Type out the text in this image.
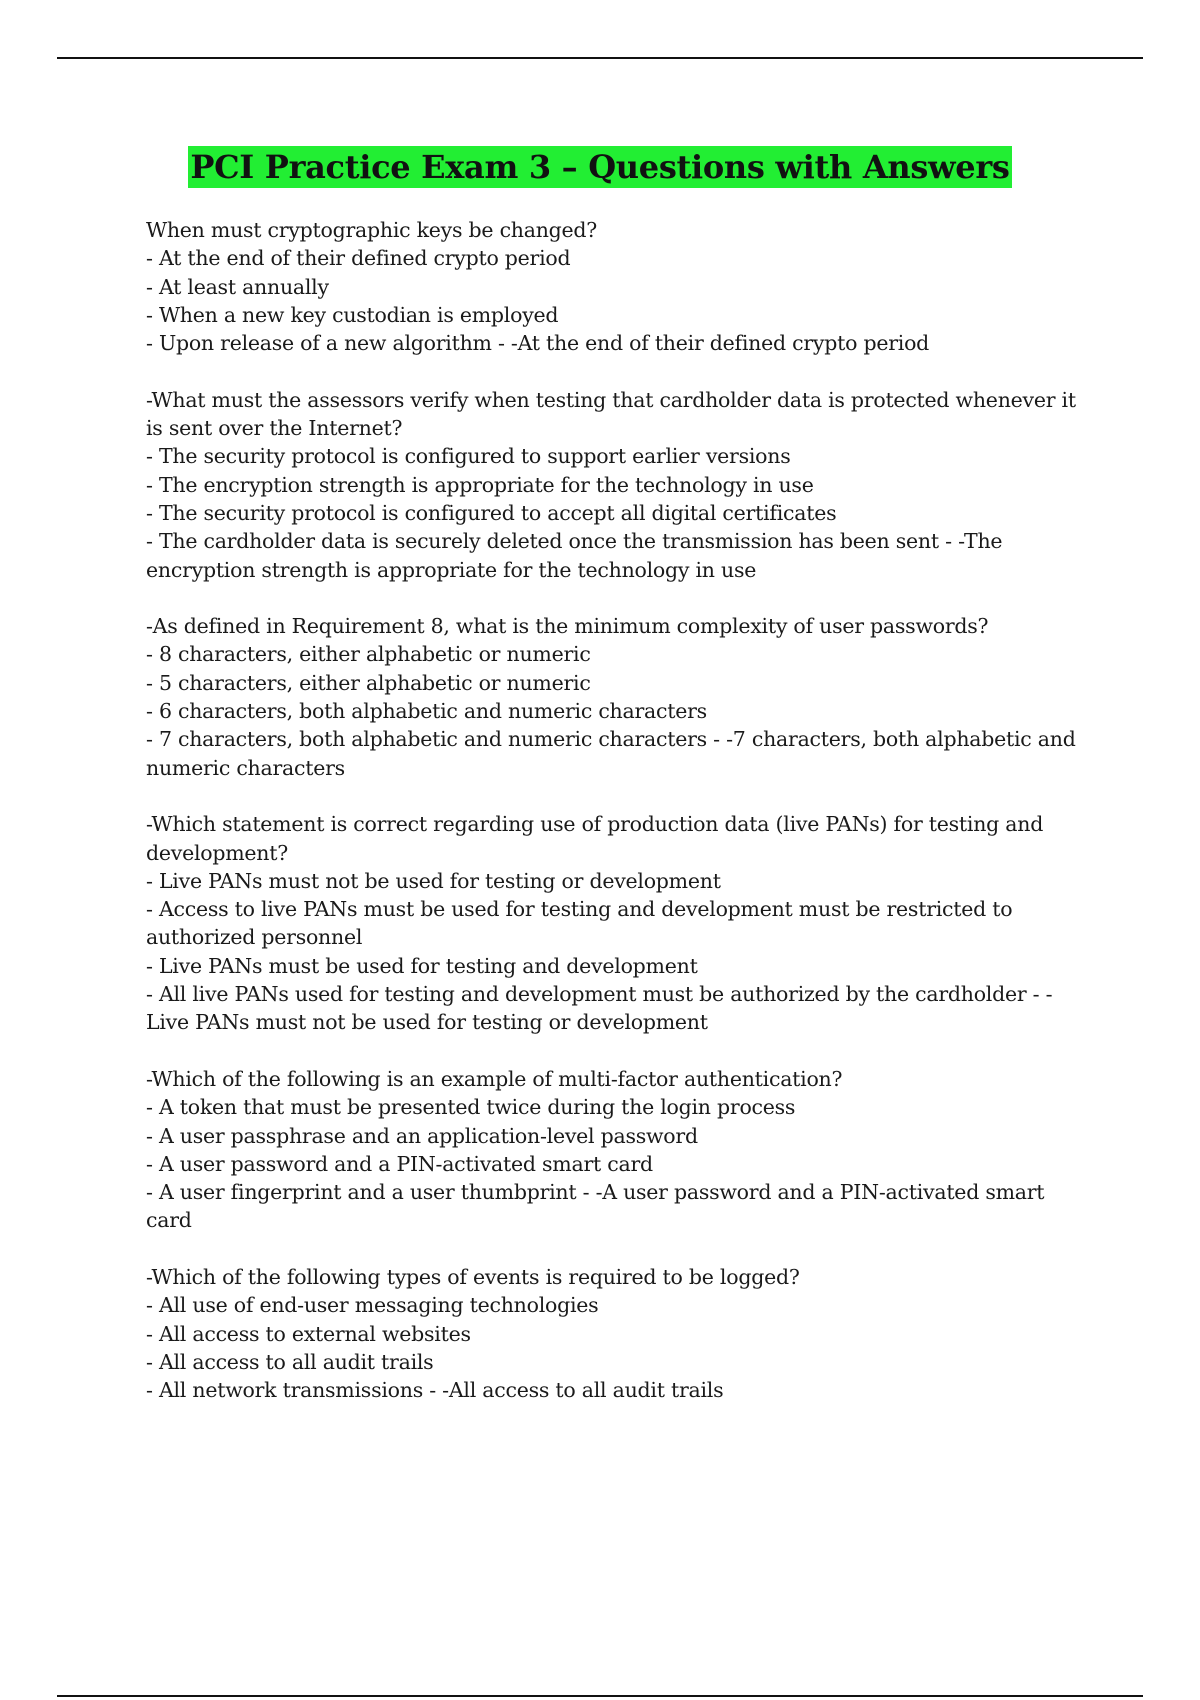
PCI Practice Exam 3 – Questions with Answers
When must cryptographic keys be changed?
- At the end of their defined crypto period
- At least annually
- When a new key custodian is employed
- Upon release of a new algorithm - -At the end of their defined crypto period
-What must the assessors verify when testing that cardholder data is protected whenever it is sent over the Internet?
- The security protocol is configured to support earlier versions
- The encryption strength is appropriate for the technology in use
- The security protocol is configured to accept all digital certificates
- The cardholder data is securely deleted once the transmission has been sent - -The encryption strength is appropriate for the technology in use
-As defined in Requirement 8, what is the minimum complexity of user passwords?
- 8 characters, either alphabetic or numeric
- 5 characters, either alphabetic or numeric
- 6 characters, both alphabetic and numeric characters
- 7 characters, both alphabetic and numeric characters - -7 characters, both alphabetic and numeric characters
-Which statement is correct regarding use of production data (live PANs) for testing and development?
- Live PANs must not be used for testing or development
- Access to live PANs must be used for testing and development must be restricted to authorized personnel
- Live PANs must be used for testing and development
- All live PANs used for testing and development must be authorized by the cardholder - -Live PANs must not be used for testing or development
-Which of the following is an example of multi-factor authentication?
- A token that must be presented twice during the login process
- A user passphrase and an application-level password
- A user password and a PIN-activated smart card
- A user fingerprint and a user thumbprint - -A user password and a PIN-activated smart card
-Which of the following types of events is required to be logged?
- All use of end-user messaging technologies
- All access to external websites
- All access to all audit trails
- All network transmissions - -All access to all audit trails
